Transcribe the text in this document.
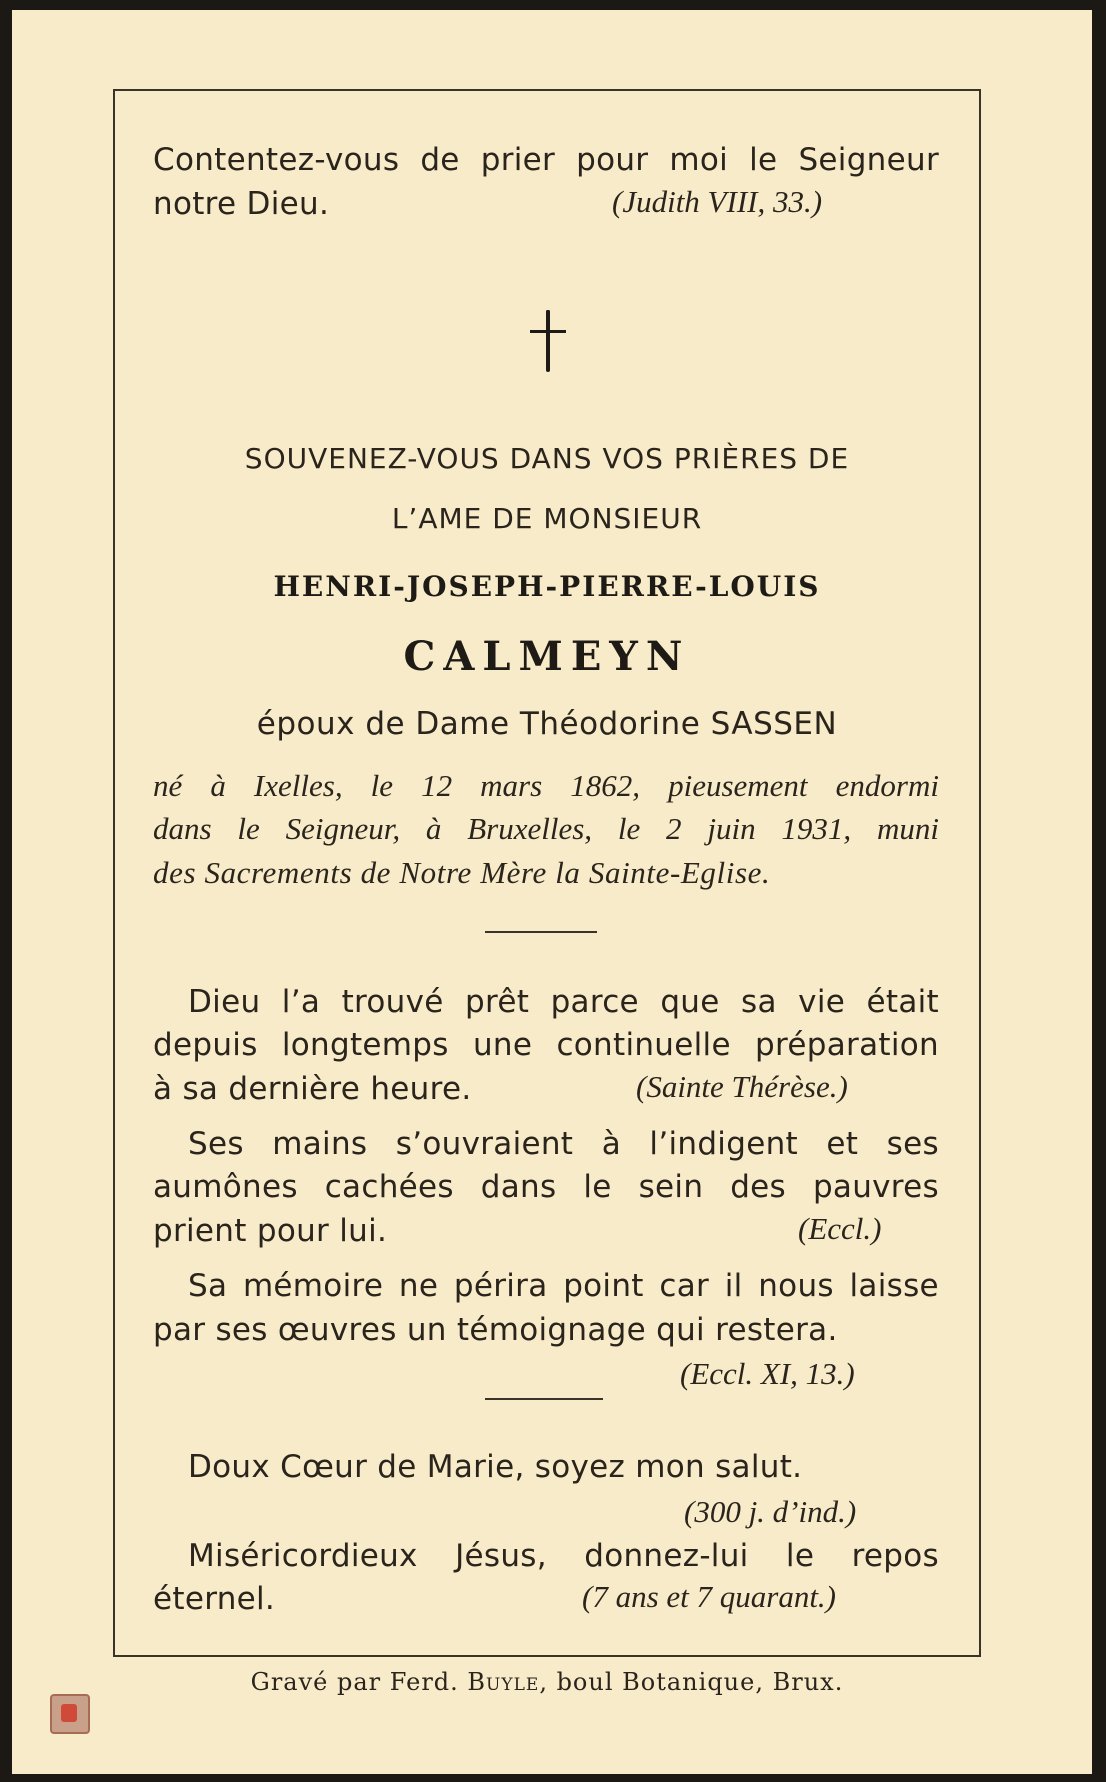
Contentez-vous de prier pour moi le Seigneur
notre Dieu.	(Judith VIII, 33.)
SOUVENEZ-VOUS DANS VOS PRIÈRES DE
L’AME DE MONSIEUR
HENRI-JOSEPH-PIERRE-LOUIS
CALMEYN
époux de Dame Théodorine SASSEN
né à Ixelles, le 12 mars 1862, pieusement endormi
dans le Seigneur, à Bruxelles, le 2 juin 1931, muni
des Sacrements de Notre Mère la Sainte-Eglise.
Dieu l’a trouvé prêt parce que sa vie était
depuis longtemps une continuelle préparation
à sa dernière heure.	(Sainte Thérèse.)
Ses mains s’ouvraient à l’indigent et ses
aumônes cachées dans le sein des pauvres
prient pour lui.	(Eccl.)
Sa mémoire ne périra point car il nous laisse
par ses œuvres un témoignage qui restera.
(Eccl. XI, 13.)
Doux Cœur de Marie, soyez mon salut.
(300 j. d’ind.)
Miséricordieux Jésus, donnez-lui le repos
éternel.	(7 ans et 7 quarant.)
Gravé par Ferd. Buyle, boul Botanique, Brux.
